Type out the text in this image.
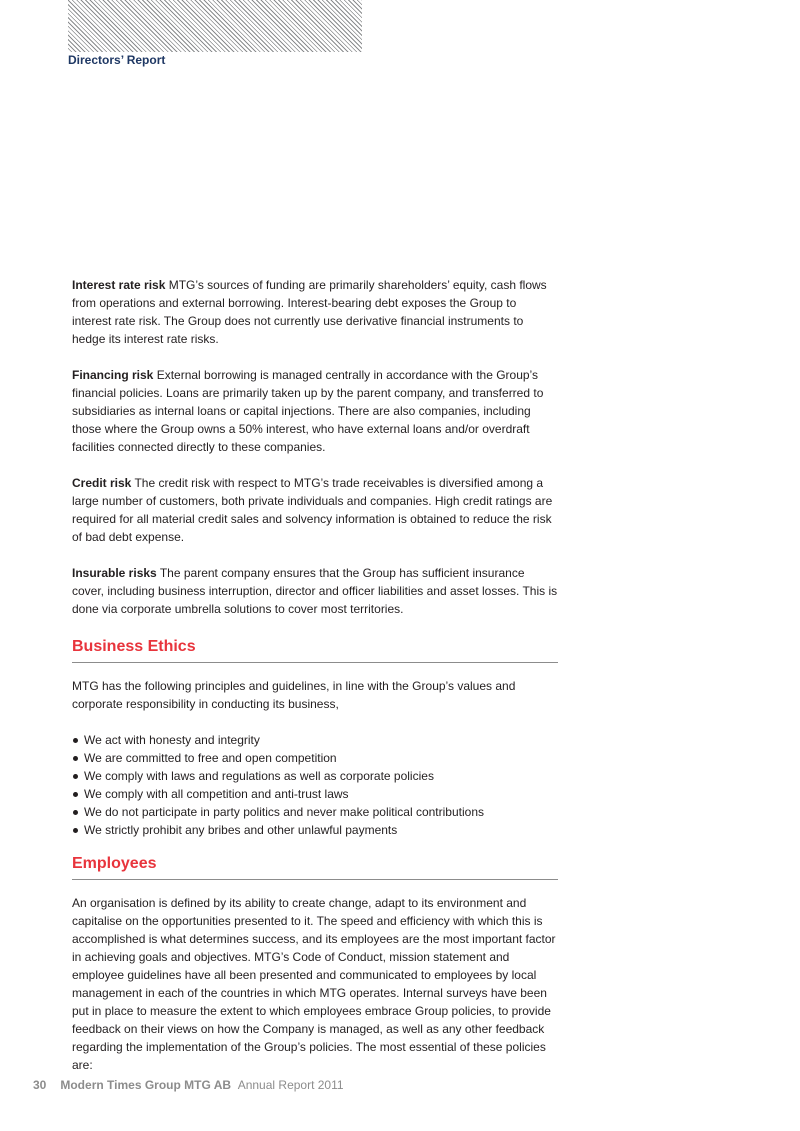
Directors’ Report

Interest rate risk MTG’s sources of funding are primarily shareholders’ equity, cash flows from operations and external borrowing. Interest-bearing debt exposes the Group to interest rate risk. The Group does not currently use derivative financial instruments to hedge its interest rate risks.

Financing risk External borrowing is managed centrally in accordance with the Group’s financial policies. Loans are primarily taken up by the parent company, and transferred to subsidiaries as internal loans or capital injections. There are also companies, including those where the Group owns a 50% interest, who have external loans and/or overdraft facilities connected directly to these companies.

Credit risk The credit risk with respect to MTG’s trade receivables is diversified among a large number of customers, both private individuals and companies. High credit ratings are required for all material credit sales and solvency information is obtained to reduce the risk of bad debt expense.

Insurable risks The parent company ensures that the Group has sufficient insurance cover, including business interruption, director and officer liabilities and asset losses. This is done via corporate umbrella solutions to cover most territories.

Business Ethics

MTG has the following principles and guidelines, in line with the Group’s values and corporate responsibility in conducting its business,

We act with honesty and integrity
We are committed to free and open competition
We comply with laws and regulations as well as corporate policies
We comply with all competition and anti-trust laws
We do not participate in party politics and never make political contributions
We strictly prohibit any bribes and other unlawful payments
Employees

An organisation is defined by its ability to create change, adapt to its environment and capitalise on the opportunities presented to it. The speed and efficiency with which this is accomplished is what determines success, and its employees are the most important factor in achieving goals and objectives. MTG’s Code of Conduct, mission statement and employee guidelines have all been presented and communicated to employees by local management in each of the countries in which MTG operates. Internal surveys have been put in place to measure the extent to which employees embrace Group policies, to provide feedback on their views on how the Company is managed, as well as any other feedback regarding the implementation of the Group’s policies. The most essential of these policies are:

30 Modern Times Group MTG AB Annual Report 2011
